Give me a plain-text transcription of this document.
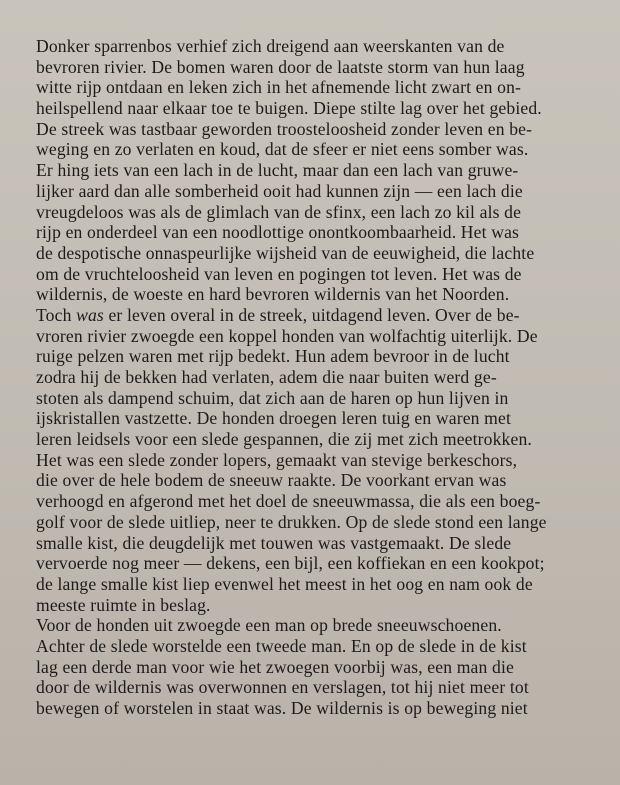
Donker sparrenbos verhief zich dreigend aan weerskanten van de
bevroren rivier. De bomen waren door de laatste storm van hun laag
witte rijp ontdaan en leken zich in het afnemende licht zwart en on-
heilspellend naar elkaar toe te buigen. Diepe stilte lag over het gebied.
De streek was tastbaar geworden troosteloosheid zonder leven en be-
weging en zo verlaten en koud, dat de sfeer er niet eens somber was.
Er hing iets van een lach in de lucht, maar dan een lach van gruwe-
lijker aard dan alle somberheid ooit had kunnen zijn — een lach die
vreugdeloos was als de glimlach van de sfinx, een lach zo kil als de
rijp en onderdeel van een noodlottige onontkoombaarheid. Het was
de despotische onnaspeurlijke wijsheid van de eeuwigheid, die lachte
om de vruchteloosheid van leven en pogingen tot leven. Het was de
wildernis, de woeste en hard bevroren wildernis van het Noorden.
Toch was er leven overal in de streek, uitdagend leven. Over de be-
vroren rivier zwoegde een koppel honden van wolfachtig uiterlijk. De
ruige pelzen waren met rijp bedekt. Hun adem bevroor in de lucht
zodra hij de bekken had verlaten, adem die naar buiten werd ge-
stoten als dampend schuim, dat zich aan de haren op hun lijven in
ijskristallen vastzette. De honden droegen leren tuig en waren met
leren leidsels voor een slede gespannen, die zij met zich meetrokken.
Het was een slede zonder lopers, gemaakt van stevige berkeschors,
die over de hele bodem de sneeuw raakte. De voorkant ervan was
verhoogd en afgerond met het doel de sneeuwmassa, die als een boeg-
golf voor de slede uitliep, neer te drukken. Op de slede stond een lange
smalle kist, die deugdelijk met touwen was vastgemaakt. De slede
vervoerde nog meer — dekens, een bijl, een koffiekan en een kookpot;
de lange smalle kist liep evenwel het meest in het oog en nam ook de
meeste ruimte in beslag.
Voor de honden uit zwoegde een man op brede sneeuwschoenen.
Achter de slede worstelde een tweede man. En op de slede in de kist
lag een derde man voor wie het zwoegen voorbij was, een man die
door de wildernis was overwonnen en verslagen, tot hij niet meer tot
bewegen of worstelen in staat was. De wildernis is op beweging niet
